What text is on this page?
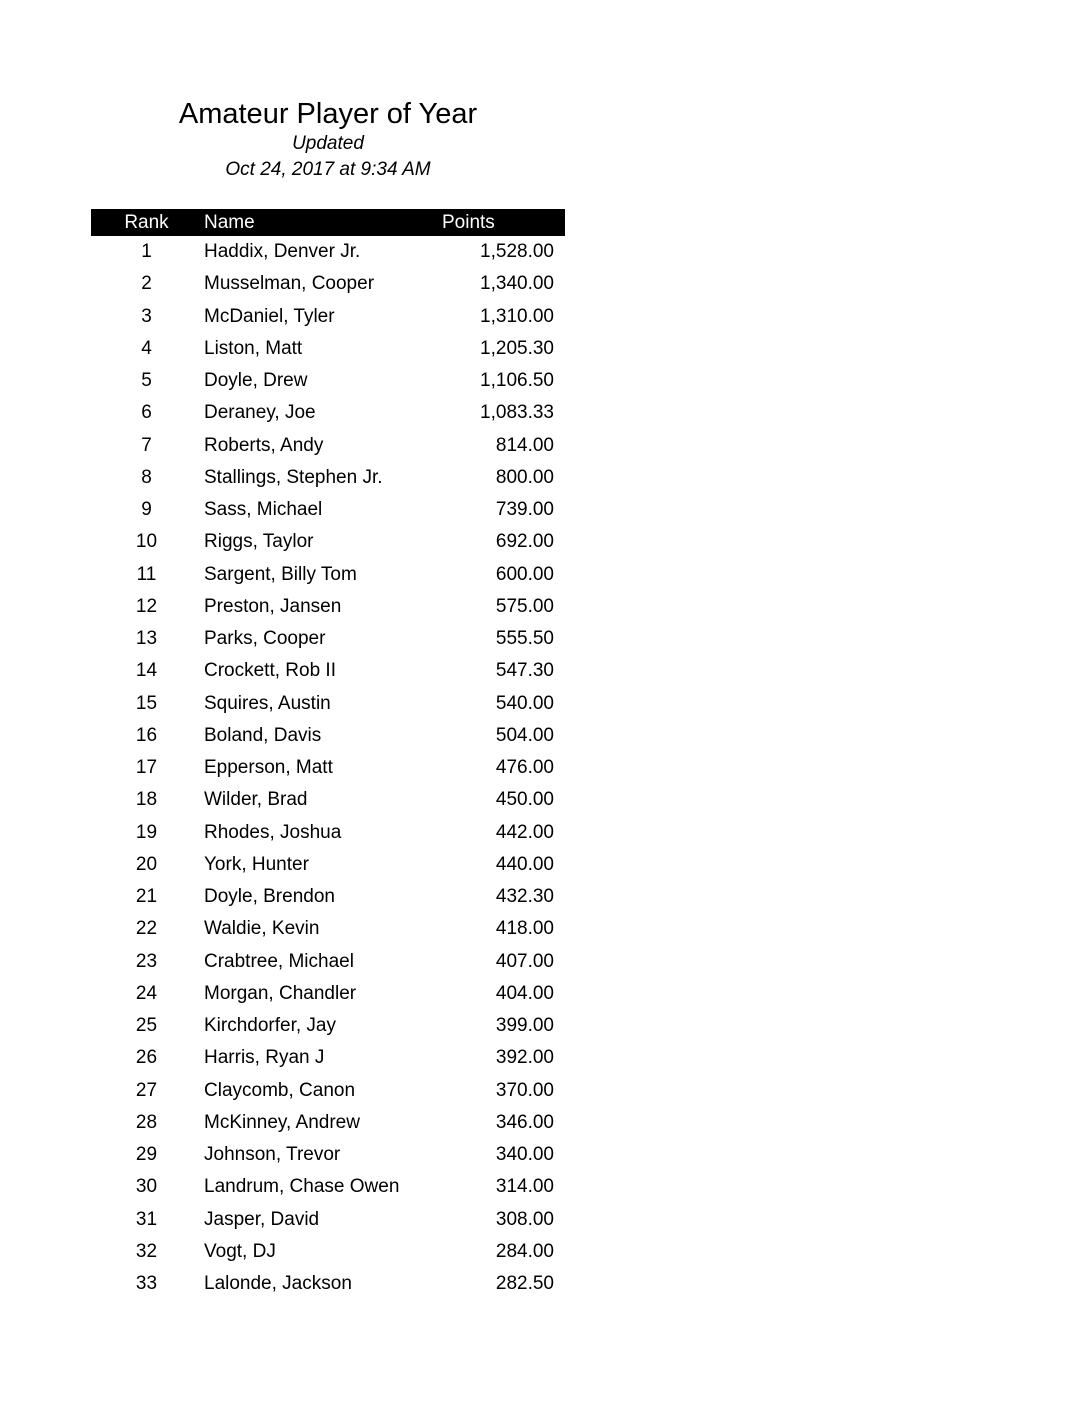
Amateur Player of Year
Updated
Oct 24, 2017 at 9:34 AM
Rank	Name	Points
1	Haddix, Denver Jr.	1,528.00
2	Musselman, Cooper	1,340.00
3	McDaniel, Tyler	1,310.00
4	Liston, Matt	1,205.30
5	Doyle, Drew	1,106.50
6	Deraney, Joe	1,083.33
7	Roberts, Andy	814.00
8	Stallings, Stephen Jr.	800.00
9	Sass, Michael	739.00
10	Riggs, Taylor	692.00
11	Sargent, Billy Tom	600.00
12	Preston, Jansen	575.00
13	Parks, Cooper	555.50
14	Crockett, Rob II	547.30
15	Squires, Austin	540.00
16	Boland, Davis	504.00
17	Epperson, Matt	476.00
18	Wilder, Brad	450.00
19	Rhodes, Joshua	442.00
20	York, Hunter	440.00
21	Doyle, Brendon	432.30
22	Waldie, Kevin	418.00
23	Crabtree, Michael	407.00
24	Morgan, Chandler	404.00
25	Kirchdorfer, Jay	399.00
26	Harris, Ryan J	392.00
27	Claycomb, Canon	370.00
28	McKinney, Andrew	346.00
29	Johnson, Trevor	340.00
30	Landrum, Chase Owen	314.00
31	Jasper, David	308.00
32	Vogt, DJ	284.00
33	Lalonde, Jackson	282.50
